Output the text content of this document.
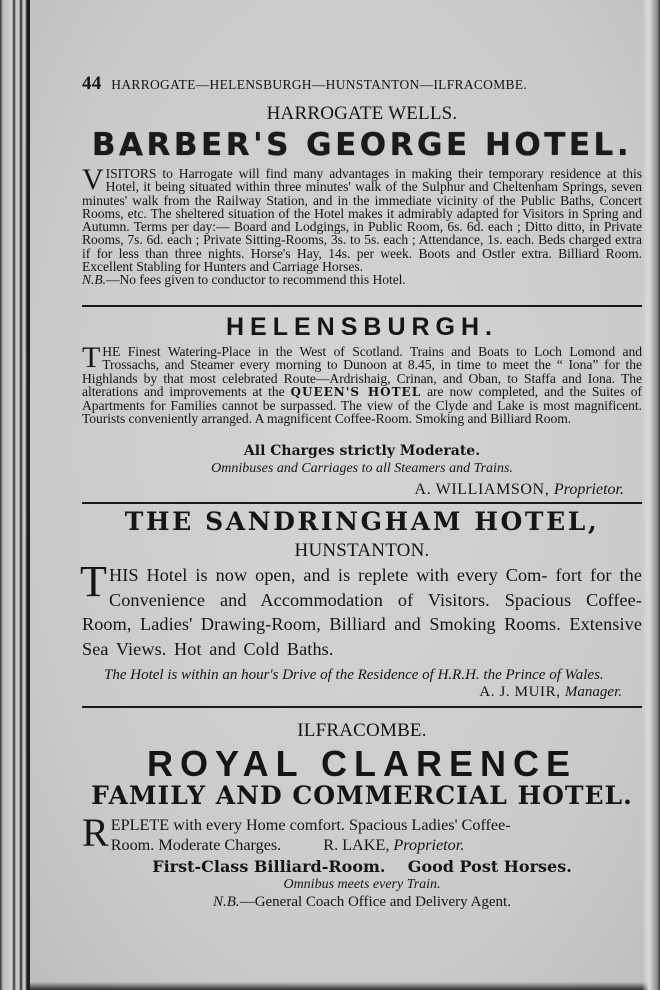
44 HARROGATE—HELENSBURGH—HUNSTANTON—ILFRACOMBE.
HARROGATE WELLS.
BARBER'S GEORGE HOTEL.
V ISITORS to Harrogate will find many advantages in making their temporary residence at this Hotel, it being situated within three minutes' walk of the Sulphur and Cheltenham Springs, seven minutes' walk from the Railway Station, and in the immediate vicinity of the Public Baths, Concert Rooms, etc. The sheltered situation of the Hotel makes it admirably adapted for Visitors in Spring and Autumn. Terms per day:— Board and Lodgings, in Public Room, 6s. 6d. each ; Ditto ditto, in Private Rooms, 7s. 6d. each ; Private Sitting-Rooms, 3s. to 5s. each ; Attendance, 1s. each. Beds charged extra if for less than three nights. Horse's Hay, 14s. per week. Boots and Ostler extra. Billiard Room. Excellent Stabling for Hunters and Carriage Horses.
N.B.—No fees given to conductor to recommend this Hotel.
HELENSBURGH.
T HE Finest Watering-Place in the West of Scotland. Trains and Boats to Loch Lomond and Trossachs, and Steamer every morning to Dunoon at 8.45, in time to meet the “ Iona” for the Highlands by that most celebrated Route—Ardrishaig, Crinan, and Oban, to Staffa and Iona. The alterations and improvements at the QUEEN'S HOTEL are now completed, and the Suites of Apartments for Families cannot be surpassed. The view of the Clyde and Lake is most magnificent. Tourists conveniently arranged. A magnificent Coffee-Room. Smoking and Billiard Room.
All Charges strictly Moderate.
Omnibuses and Carriages to all Steamers and Trains.
A. WILLIAMSON, Proprietor.
THE SANDRINGHAM HOTEL,
HUNSTANTON.
T HIS Hotel is now open, and is replete with every Com- fort for the Convenience and Accommodation of Visitors. Spacious Coffee-Room, Ladies' Drawing-Room, Billiard and Smoking Rooms. Extensive Sea Views. Hot and Cold Baths.
The Hotel is within an hour's Drive of the Residence of H.R.H. the Prince of Wales.
A. J. MUIR, Manager.
ILFRACOMBE.
ROYAL CLARENCE
FAMILY AND COMMERCIAL HOTEL.
R EPLETE with every Home comfort. Spacious Ladies' Coffee-
Room. Moderate Charges.	R. LAKE, Proprietor.
First-Class Billiard-Room.    Good Post Horses.
Omnibus meets every Train.
N.B.—General Coach Office and Delivery Agent.
